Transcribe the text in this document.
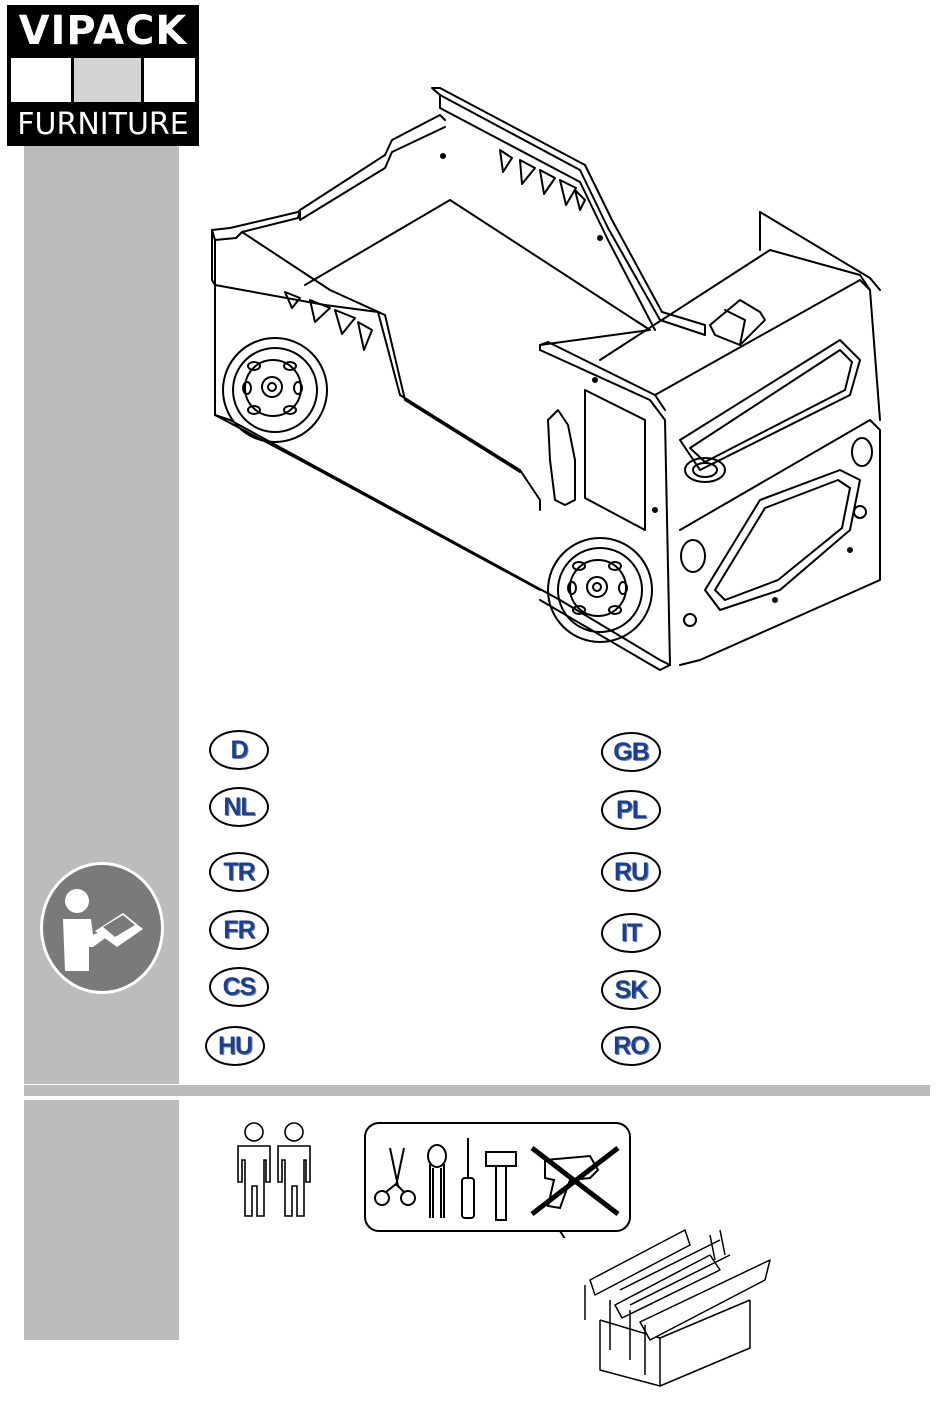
VIPACK
FURNITURE
D
NL
TR
FR
CS
HU
GB
PL
RU
IT
SK
RO
